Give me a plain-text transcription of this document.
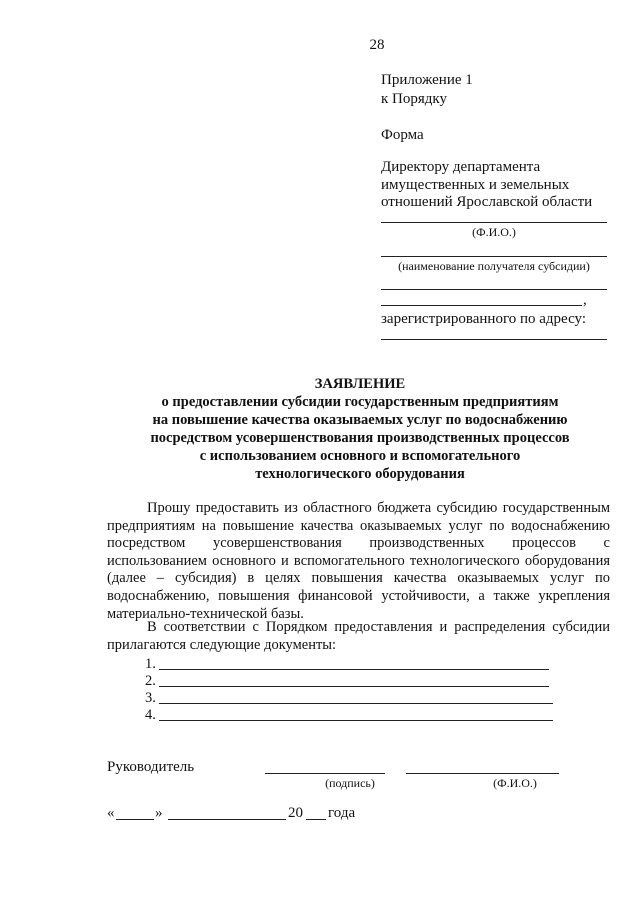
28
Приложение 1
к Порядку
Форма
Директору департамента
имущественных и земельных
отношений Ярославской области
(Ф.И.О.)
(наименование получателя субсидии)
,
зарегистрированного по адресу:
ЗАЯВЛЕНИЕ
о предоставлении субсидии государственным предприятиям
на повышение качества оказываемых услуг по водоснабжению
посредством усовершенствования производственных процессов
с использованием основного и вспомогательного
технологического оборудования
Прошу предоставить из областного бюджета субсидию государственным предприятиям на повышение качества оказываемых услуг по водоснабжению посредством усовершенствования производственных процессов с использованием основного и вспомогательного технологического оборудования (далее – субсидия) в целях повышения качества оказываемых услуг по водоснабжению, повышения финансовой устойчивости, а также укрепления материально-технической базы.
В соответствии с Порядком предоставления и распределения субсидии прилагаются следующие документы:
1.
2.
3.
4.
Руководитель
(подпись)	(Ф.И.О.)
«	»	20 года
